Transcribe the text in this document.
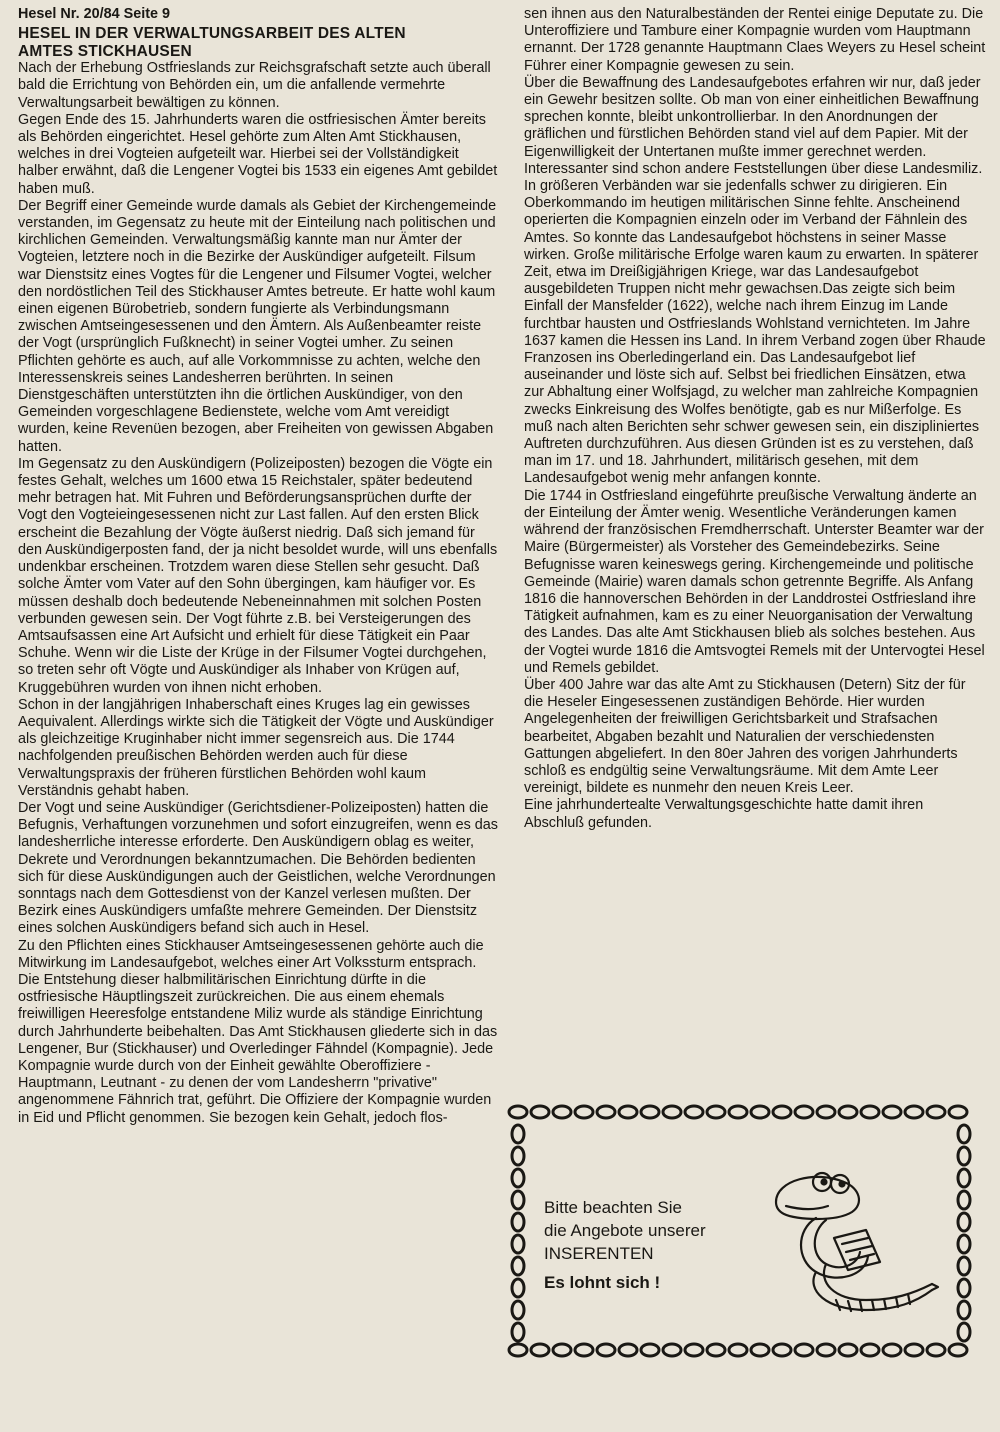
Hesel Nr. 20/84 Seite 9
HESEL IN DER VERWALTUNGSARBEIT DES ALTEN
AMTES STICKHAUSEN

Nach der Erhebung Ostfrieslands zur Reichsgrafschaft setzte auch überall bald die Errichtung von Behörden ein, um die anfallende vermehrte Verwaltungsarbeit bewältigen zu können.

Gegen Ende des 15. Jahrhunderts waren die ostfriesischen Ämter bereits als Behörden eingerichtet. Hesel gehörte zum Alten Amt Stickhausen, welches in drei Vogteien aufgeteilt war. Hierbei sei der Vollständigkeit halber erwähnt, daß die Lengener Vogtei bis 1533 ein eigenes Amt gebildet haben muß.

Der Begriff einer Gemeinde wurde damals als Gebiet der Kirchengemeinde verstanden, im Gegensatz zu heute mit der Einteilung nach politischen und kirchlichen Gemeinden. Verwaltungsmäßig kannte man nur Ämter der Vogteien, letztere noch in die Bezirke der Auskündiger aufgeteilt. Filsum war Dienstsitz eines Vogtes für die Lengener und Filsumer Vogtei, welcher den nordöstlichen Teil des Stickhauser Amtes betreute. Er hatte wohl kaum einen eigenen Bürobetrieb, sondern fungierte als Verbindungsmann zwischen Amtseingesessenen und den Ämtern. Als Außenbeamter reiste der Vogt (ursprünglich Fußknecht) in seiner Vogtei umher. Zu seinen Pflichten gehörte es auch, auf alle Vorkommnisse zu achten, welche den Interessenskreis seines Landesherren berührten. In seinen Dienstgeschäften unterstützten ihn die örtlichen Auskündiger, von den Gemeinden vorgeschlagene Bedienstete, welche vom Amt vereidigt wurden, keine Revenüen bezogen, aber Freiheiten von gewissen Abgaben hatten.

Im Gegensatz zu den Auskündigern (Polizeiposten) bezogen die Vögte ein festes Gehalt, welches um 1600 etwa 15 Reichstaler, später bedeutend mehr betragen hat. Mit Fuhren und Beförderungsansprüchen durfte der Vogt den Vogteieingesessenen nicht zur Last fallen. Auf den ersten Blick erscheint die Bezahlung der Vögte äußerst niedrig. Daß sich jemand für den Auskündigerposten fand, der ja nicht besoldet wurde, will uns ebenfalls undenkbar erscheinen. Trotzdem waren diese Stellen sehr gesucht. Daß solche Ämter vom Vater auf den Sohn übergingen, kam häufiger vor. Es müssen deshalb doch bedeutende Nebeneinnahmen mit solchen Posten verbunden gewesen sein. Der Vogt führte z.B. bei Versteigerungen des Amtsaufsassen eine Art Aufsicht und erhielt für diese Tätigkeit ein Paar Schuhe. Wenn wir die Liste der Krüge in der Filsumer Vogtei durchgehen, so treten sehr oft Vögte und Auskündiger als Inhaber von Krügen auf, Kruggebühren wurden von ihnen nicht erhoben.

Schon in der langjährigen Inhaberschaft eines Kruges lag ein gewisses Aequivalent. Allerdings wirkte sich die Tätigkeit der Vögte und Auskündiger als gleichzeitige Kruginhaber nicht immer segensreich aus. Die 1744 nachfolgenden preußischen Behörden werden auch für diese Verwaltungspraxis der früheren fürstlichen Behörden wohl kaum Verständnis gehabt haben.

Der Vogt und seine Auskündiger (Gerichtsdiener-Polizeiposten) hatten die Befugnis, Verhaftungen vorzunehmen und sofort einzugreifen, wenn es das landesherrliche interesse erforderte. Den Auskündigern oblag es weiter, Dekrete und Verordnungen bekanntzumachen. Die Behörden bedienten sich für diese Auskündigungen auch der Geistlichen, welche Verordnungen sonntags nach dem Gottesdienst von der Kanzel verlesen mußten. Der Bezirk eines Auskündigers umfaßte mehrere Gemeinden. Der Dienstsitz eines solchen Auskündigers befand sich auch in Hesel.

Zu den Pflichten eines Stickhauser Amtseingesessenen gehörte auch die Mitwirkung im Landesaufgebot, welches einer Art Volkssturm entsprach. Die Entstehung dieser halbmilitärischen Einrichtung dürfte in die ostfriesische Häuptlingszeit zurückreichen. Die aus einem ehemals freiwilligen Heeresfolge entstandene Miliz wurde als ständige Einrichtung durch Jahrhunderte beibehalten. Das Amt Stickhausen gliederte sich in das Lengener, Bur (Stickhauser) und Overledinger Fähndel (Kompagnie). Jede Kompagnie wurde durch von der Einheit gewählte Oberoffiziere - Hauptmann, Leutnant - zu denen der vom Landesherrn "privative" angenommene Fähnrich trat, geführt. Die Offiziere der Kompagnie wurden in Eid und Pflicht genommen. Sie bezogen kein Gehalt, jedoch flos-

sen ihnen aus den Naturalbeständen der Rentei einige Deputate zu. Die Unteroffiziere und Tambure einer Kompagnie wurden vom Hauptmann ernannt. Der 1728 genannte Hauptmann Claes Weyers zu Hesel scheint Führer einer Kompagnie gewesen zu sein.

Über die Bewaffnung des Landesaufgebotes erfahren wir nur, daß jeder ein Gewehr besitzen sollte. Ob man von einer einheitlichen Bewaffnung sprechen konnte, bleibt unkontrollierbar. In den Anordnungen der gräflichen und fürstlichen Behörden stand viel auf dem Papier. Mit der Eigenwilligkeit der Untertanen mußte immer gerechnet werden. Interessanter sind schon andere Feststellungen über diese Landesmiliz. In größeren Verbänden war sie jedenfalls schwer zu dirigieren. Ein Oberkommando im heutigen militärischen Sinne fehlte. Anscheinend operierten die Kompagnien einzeln oder im Verband der Fähnlein des Amtes. So konnte das Landesaufgebot höchstens in seiner Masse wirken. Große militärische Erfolge waren kaum zu erwarten. In späterer Zeit, etwa im Dreißigjährigen Kriege, war das Landesaufgebot ausgebildeten Truppen nicht mehr gewachsen.Das zeigte sich beim Einfall der Mansfelder (1622), welche nach ihrem Einzug im Lande furchtbar hausten und Ostfrieslands Wohlstand vernichteten. Im Jahre 1637 kamen die Hessen ins Land. In ihrem Verband zogen über Rhaude Franzosen ins Oberledingerland ein. Das Landesaufgebot lief auseinander und löste sich auf. Selbst bei friedlichen Einsätzen, etwa zur Abhaltung einer Wolfsjagd, zu welcher man zahlreiche Kompagnien zwecks Einkreisung des Wolfes benötigte, gab es nur Mißerfolge. Es muß nach alten Berichten sehr schwer gewesen sein, ein diszipliniertes Auftreten durchzuführen. Aus diesen Gründen ist es zu verstehen, daß man im 17. und 18. Jahrhundert, militärisch gesehen, mit dem Landesaufgebot wenig mehr anfangen konnte.

Die 1744 in Ostfriesland eingeführte preußische Verwaltung änderte an der Einteilung der Ämter wenig. Wesentliche Veränderungen kamen während der französischen Fremdherrschaft. Unterster Beamter war der Maire (Bürgermeister) als Vorsteher des Gemeindebezirks. Seine Befugnisse waren keineswegs gering. Kirchengemeinde und politische Gemeinde (Mairie) waren damals schon getrennte Begriffe. Als Anfang 1816 die hannoverschen Behörden in der Landdrostei Ostfriesland ihre Tätigkeit aufnahmen, kam es zu einer Neuorganisation der Verwaltung des Landes. Das alte Amt Stickhausen blieb als solches bestehen. Aus der Vogtei wurde 1816 die Amtsvogtei Remels mit der Untervogtei Hesel und Remels gebildet.

Über 400 Jahre war das alte Amt zu Stickhausen (Detern) Sitz der für die Heseler Eingesessenen zuständigen Behörde. Hier wurden Angelegenheiten der freiwilligen Gerichtsbarkeit und Strafsachen bearbeitet, Abgaben bezahlt und Naturalien der verschiedensten Gattungen abgeliefert. In den 80er Jahren des vorigen Jahrhunderts schloß es endgültig seine Verwaltungsräume. Mit dem Amte Leer vereinigt, bildete es nunmehr den neuen Kreis Leer.

Eine jahrhundertealte Verwaltungsgeschichte hatte damit ihren Abschluß gefunden.

Bitte beachten Sie
die Angebote unserer
INSERENTEN
Es lohnt sich !
